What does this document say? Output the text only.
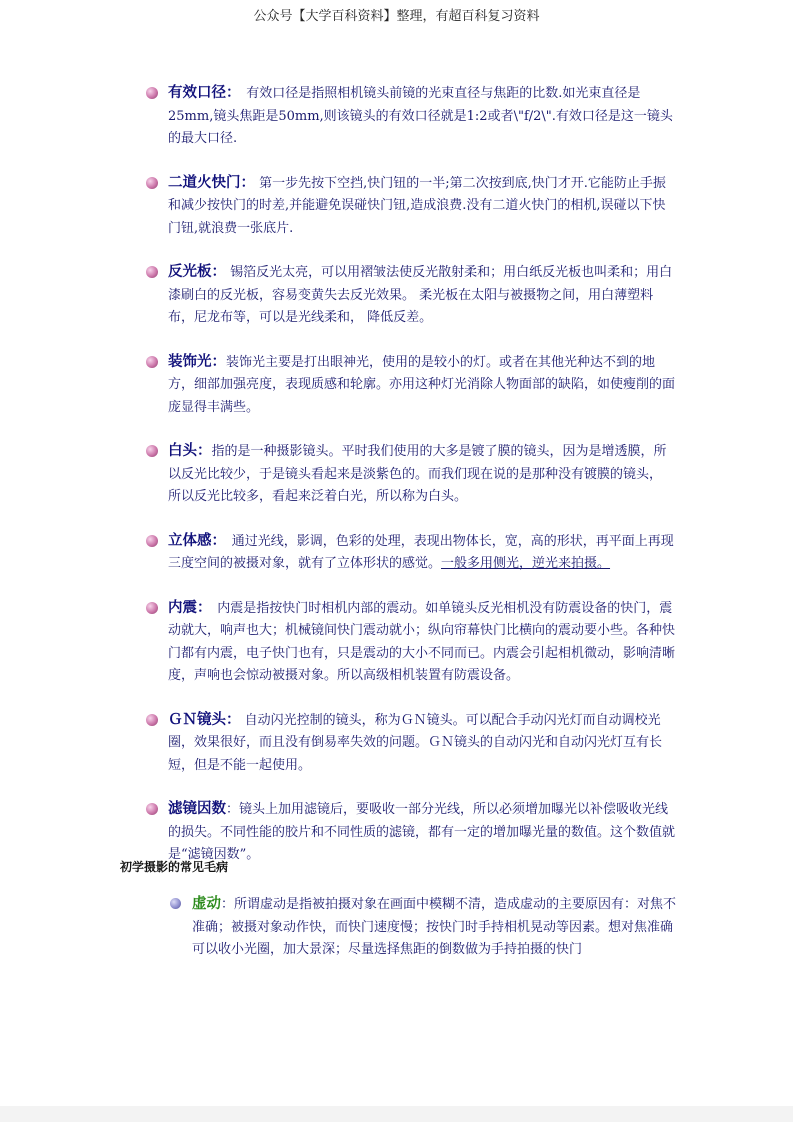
公众号【大学百科资料】整理，有超百科复习资料
有效口径：　有效口径是指照相机镜头前镜的光束直径与焦距的比数.如光束直径是25mm,镜头焦距是50mm,则该镜头的有效口径就是1:2或者\"f/2\".有效口径是这一镜头的最大口径.
二道火快门： 第一步先按下空挡,快门钮的一半;第二次按到底,快门才开.它能防止手振和减少按快门的时差,并能避免误碰快门钮,造成浪费.没有二道火快门的相机,误碰以下快门钮,就浪费一张底片.
反光板： 锡箔反光太亮，可以用褶皱法使反光散射柔和；用白纸反光板也叫柔和；用白漆刷白的反光板，容易变黄失去反光效果。 柔光板在太阳与被摄物之间，用白薄塑料布，尼龙布等，可以是光线柔和， 降低反差。
装饰光：装饰光主要是打出眼神光，使用的是较小的灯。或者在其他光种达不到的地方，细部加强亮度，表现质感和轮廓。亦用这种灯光消除人物面部的缺陷，如使瘦削的面庞显得丰满些。
白头：指的是一种摄影镜头。平时我们使用的大多是镀了膜的镜头，因为是增透膜，所以反光比较少，于是镜头看起来是淡紫色的。而我们现在说的是那种没有镀膜的镜头， 所以反光比较多，看起来泛着白光，所以称为白头。
立体感：　通过光线，影调，色彩的处理，表现出物体长，宽，高的形状，再平面上再现三度空间的被摄对象，就有了立体形状的感觉。一般多用侧光，逆光来拍摄。
内震：　内震是指按快门时相机内部的震动。如单镜头反光相机没有防震设备的快门，震动就大，响声也大；机械镜间快门震动就小；纵向帘幕快门比横向的震动要小些。各种快门都有内震，电子快门也有，只是震动的大小不同而已。内震会引起相机微动，影响清晰度，声响也会惊动被摄对象。所以高级相机装置有防震设备。
ＧＮ镜头： 自动闪光控制的镜头，称为ＧＮ镜头。可以配合手动闪光灯而自动调校光圈，效果很好，而且没有倒易率失效的问题。ＧＮ镜头的自动闪光和自动闪光灯互有长短，但是不能一起使用。
滤镜因数：镜头上加用滤镜后，要吸收一部分光线，所以必须增加曝光以补偿吸收光线的损失。不同性能的胶片和不同性质的滤镜，都有一定的增加曝光量的数值。这个数值就是“滤镜因数”。
初学摄影的常见毛病
虚动：所谓虚动是指被拍摄对象在画面中模糊不清，造成虚动的主要原因有：对焦不准确；被摄对象动作快，而快门速度慢；按快门时手持相机晃动等因素。想对焦准确可以收小光圈，加大景深；尽量选择焦距的倒数做为手持拍摄的快门
